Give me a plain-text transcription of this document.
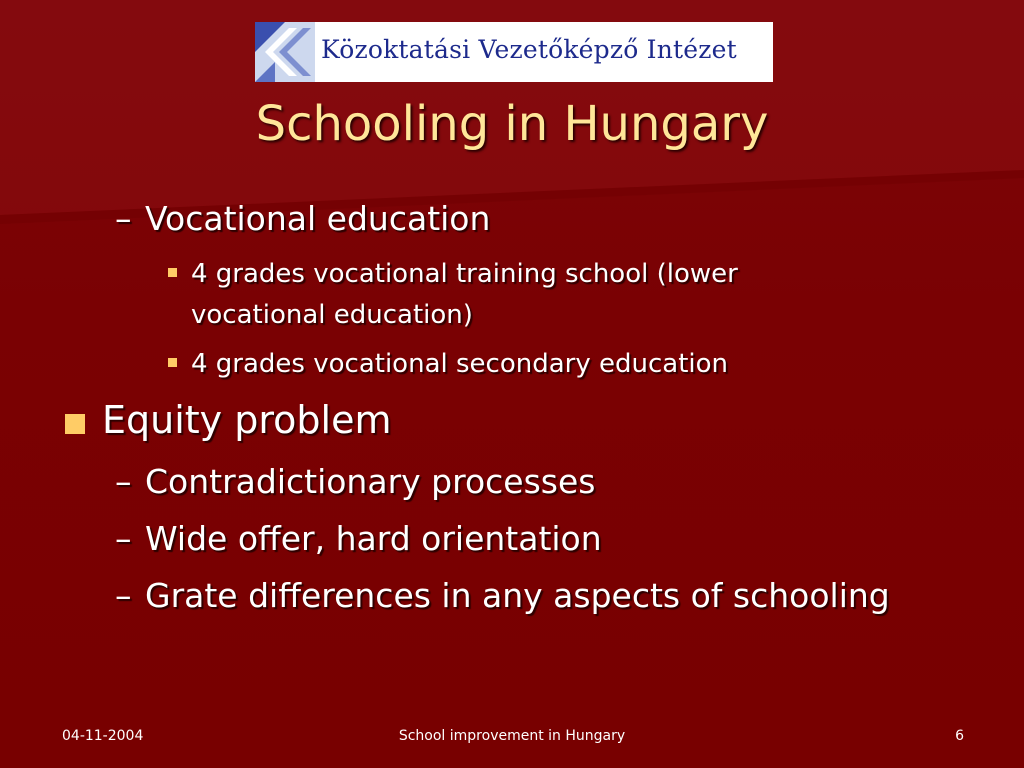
Közoktatási Vezetőképző Intézet
Schooling in Hungary
– Vocational education
4 grades vocational training school (lower
vocational education)
4 grades vocational secondary education
Equity problem
– Contradictionary processes
– Wide offer, hard orientation
– Grate differences in any aspects of schooling
04-11-2004	School improvement in Hungary	6
